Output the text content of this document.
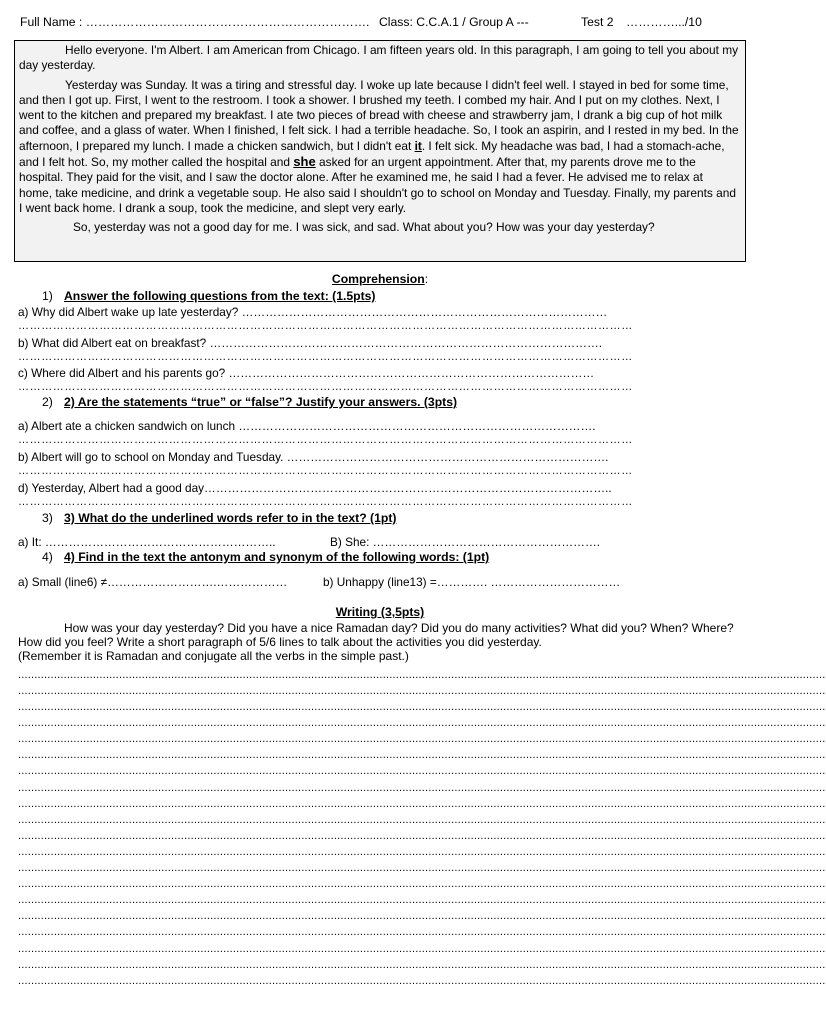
Full Name : ……………………………………………………………. Class: C.C.A.1 / Group A ---	Test 2 ………….../10

Hello everyone. I'm Albert. I am American from Chicago. I am fifteen years old. In this paragraph, I am going to tell you about my day yesterday.

Yesterday was Sunday. It was a tiring and stressful day. I woke up late because I didn't feel well. I stayed in bed for some time, and then I got up. First, I went to the restroom. I took a shower. I brushed my teeth. I combed my hair. And I put on my clothes. Next, I went to the kitchen and prepared my breakfast. I ate two pieces of bread with cheese and strawberry jam, I drank a big cup of hot milk and coffee, and a glass of water. When I finished, I felt sick. I had a terrible headache. So, I took an aspirin, and I rested in my bed. In the afternoon, I prepared my lunch. I made a chicken sandwich, but I didn't eat it. I felt sick. My headache was bad, I had a stomach-ache, and I felt hot. So, my mother called the hospital and she asked for an urgent appointment. After that, my parents drove me to the hospital. They paid for the visit, and I saw the doctor alone. After he examined me, he said I had a fever. He advised me to relax at home, take medicine, and drink a vegetable soup. He also said I shouldn't go to school on Monday and Tuesday. Finally, my parents and I went back home. I drank a soup, took the medicine, and slept very early.

So, yesterday was not a good day for me. I was sick, and sad. What about you? How was your day yesterday?

Comprehension:
1) Answer the following questions from the text: (1.5pts)
a) Why did Albert wake up late yesterday? …………………………………………………………………………………
……………………………………………………………………………………………………………………………………………
b) What did Albert eat on breakfast? ……………………………………………………………………………………….
……………………………………………………………………………………………………………………………………………
c) Where did Albert and his parents go? …………………………………………………………………………………
……………………………………………………………………………………………………………………………………………
2) 2) Are the statements “true” or “false”? Justify your answers. (3pts)
a) Albert ate a chicken sandwich on lunch ……………………………………………………………………………….
……………………………………………………………………………………………………………………………………………
b) Albert will go to school on Monday and Tuesday. ……………………………………………………………………….
……………………………………………………………………………………………………………………………………………
d) Yesterday, Albert had a good day…………………………………………………………………………………………..
……………………………………………………………………………………………………………………………………………
3) 3) What do the underlined words refer to in the text? (1pt)
a) It: …………………………………………………..	B) She: ………………………………………………….
4) 4) Find in the text the antonym and synonym of the following words: (1pt)
a) Small (line6) ≠……………………….………………	b) Unhappy (line13) =…………. ……………………………
Writing (3,5pts)

How was your day yesterday? Did you have a nice Ramadan day? Did you do many activities? What did you? When? Where? How did you feel? Write a short paragraph of 5/6 lines to talk about the activities you did yesterday.

(Remember it is Ramadan and conjugate all the verbs in the simple past.)

........................................................................................................................................................................................................................................................
........................................................................................................................................................................................................................................................
........................................................................................................................................................................................................................................................
........................................................................................................................................................................................................................................................
........................................................................................................................................................................................................................................................
........................................................................................................................................................................................................................................................
........................................................................................................................................................................................................................................................
........................................................................................................................................................................................................................................................
........................................................................................................................................................................................................................................................
........................................................................................................................................................................................................................................................
........................................................................................................................................................................................................................................................
........................................................................................................................................................................................................................................................
........................................................................................................................................................................................................................................................
........................................................................................................................................................................................................................................................
........................................................................................................................................................................................................................................................
........................................................................................................................................................................................................................................................
........................................................................................................................................................................................................................................................
........................................................................................................................................................................................................................................................
........................................................................................................................................................................................................................................................
........................................................................................................................................................................................................................................................
